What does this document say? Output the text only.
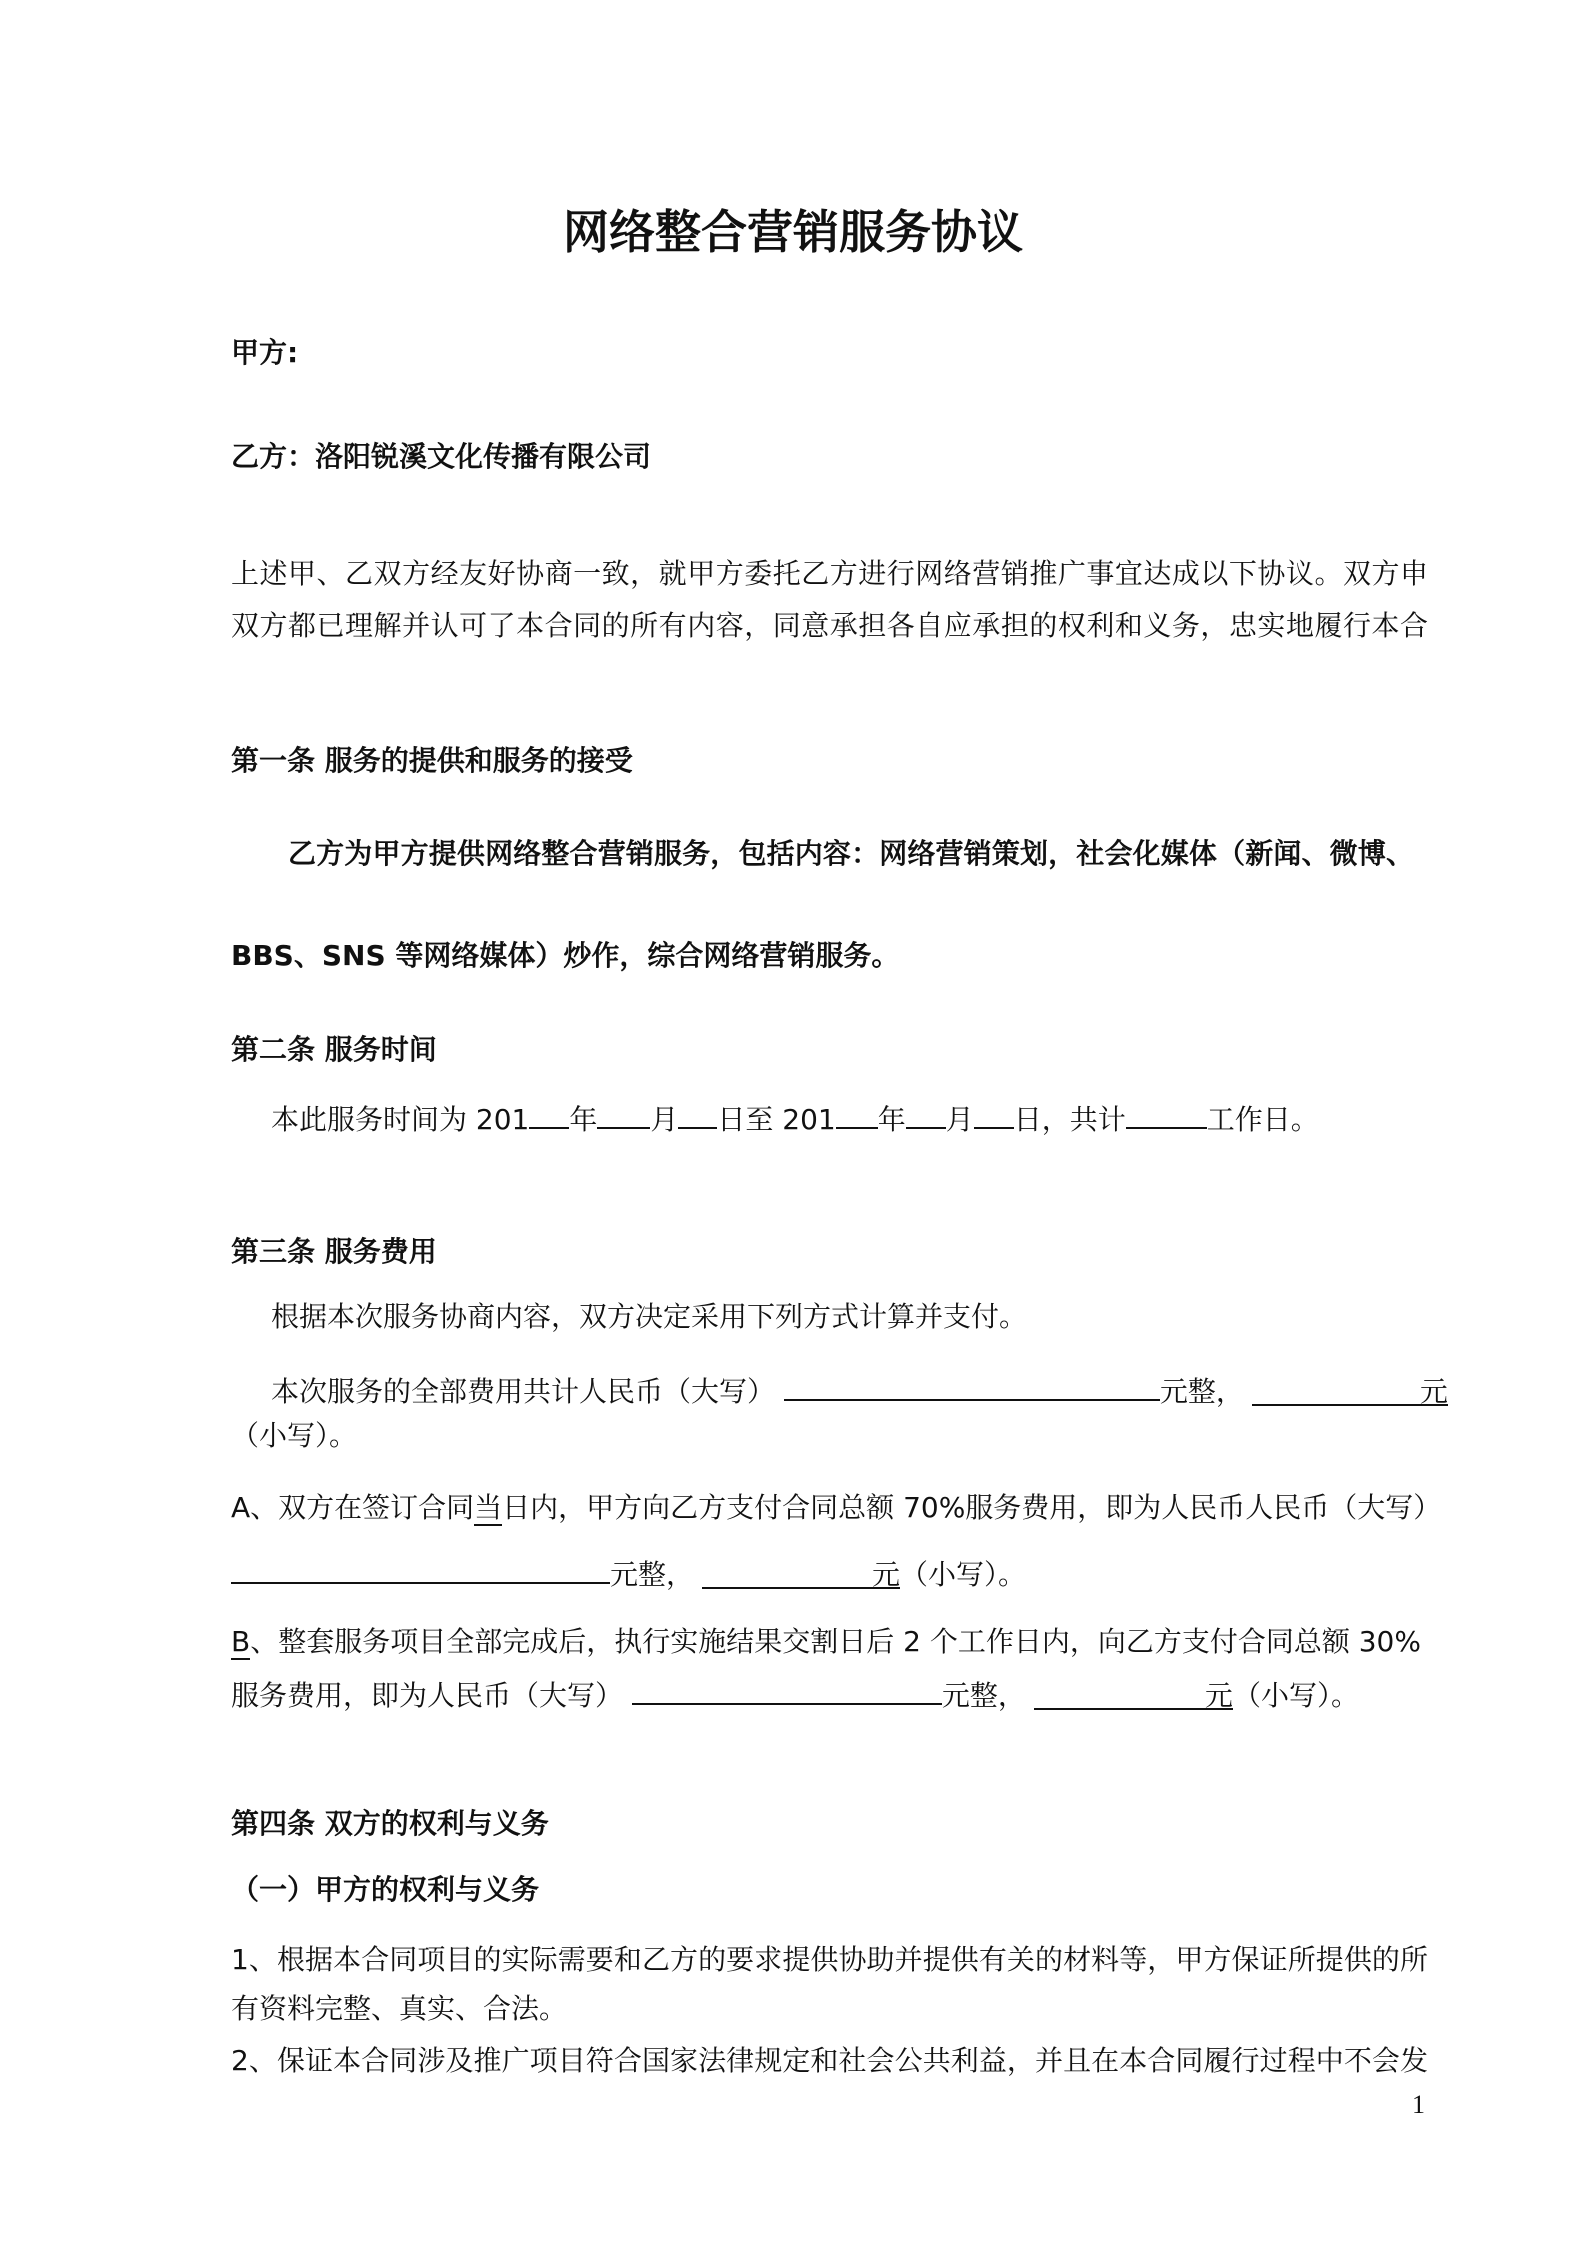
网络整合营销服务协议
甲方:
乙方：洛阳锐溪文化传播有限公司
上述甲、乙双方经友好协商一致，就甲方委托乙方进行网络营销推广事宜达成以下协议。双方申
双方都已理解并认可了本合同的所有内容，同意承担各自应承担的权利和义务，忠实地履行本合
第一条 服务的提供和服务的接受
乙方为甲方提供网络整合营销服务，包括内容：网络营销策划，社会化媒体（新闻、微博、
BBS、SNS 等网络媒体）炒作，综合网络营销服务。
第二条 服务时间
本此服务时间为 201 年 月 日至 201 年 月 日，共计	工作日。
第三条 服务费用
根据本次服务协商内容，双方决定采用下列方式计算并支付。
本次服务的全部费用共计人民币（大写）	元整，	元
（小写）。
A、双方在签订合同当日内，甲方向乙方支付合同总额 70%服务费用，即为人民币人民币（大写）
元整，	元（小写）。
B、整套服务项目全部完成后，执行实施结果交割日后 2 个工作日内，向乙方支付合同总额 30%
服务费用，即为人民币（大写）	元整，	元（小写）。
第四条 双方的权利与义务
（一）甲方的权利与义务
1、根据本合同项目的实际需要和乙方的要求提供协助并提供有关的材料等，甲方保证所提供的所
有资料完整、真实、合法。
2、保证本合同涉及推广项目符合国家法律规定和社会公共利益，并且在本合同履行过程中不会发
1
